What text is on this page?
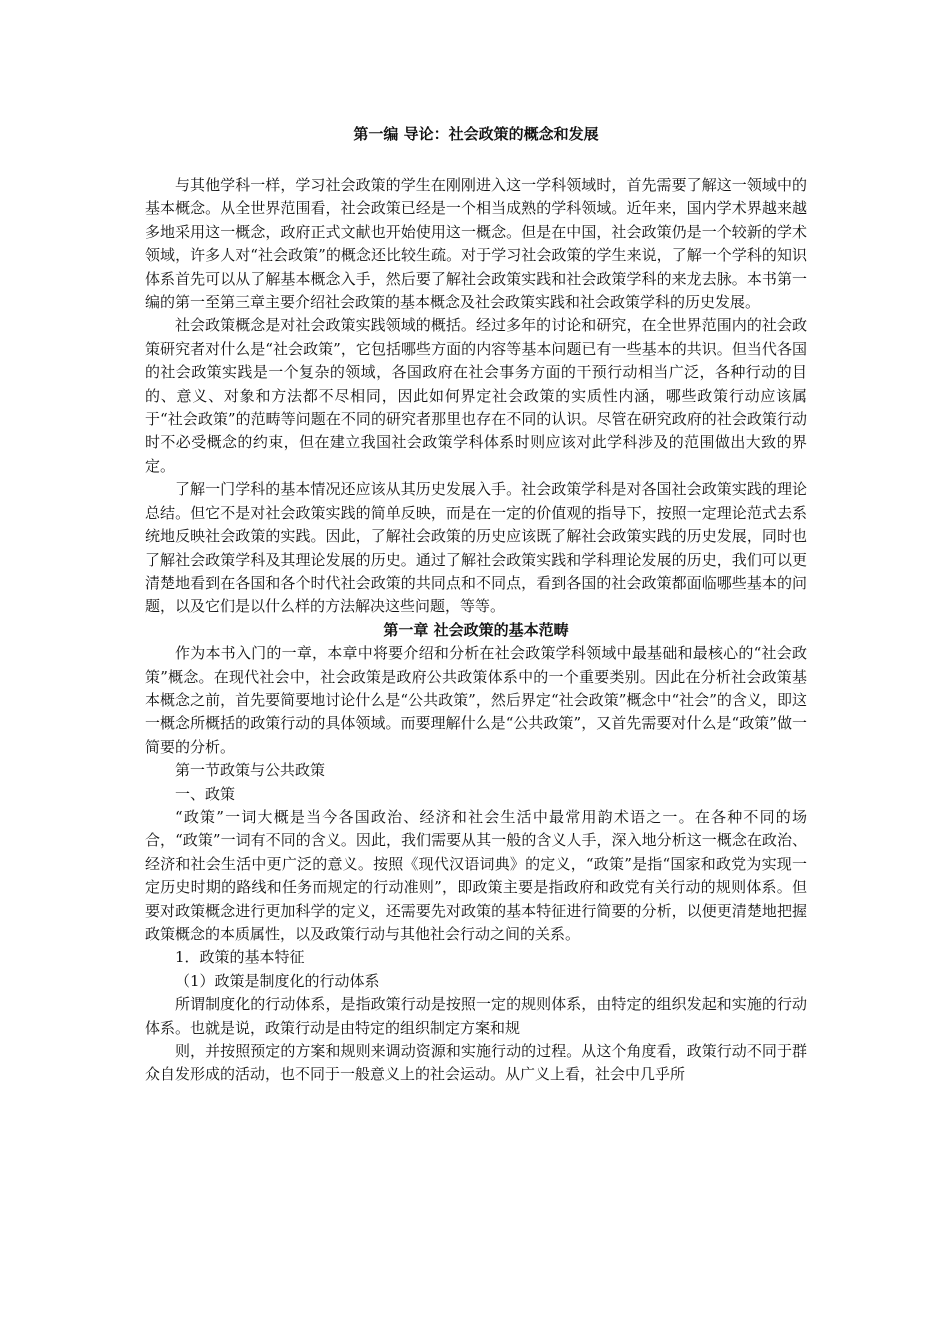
第一编 导论：社会政策的概念和发展

与其他学科一样，学习社会政策的学生在刚刚进入这一学科领域时，首先需要了解这一领域中的基本概念。从全世界范围看，社会政策已经是一个相当成熟的学科领域。近年来，国内学术界越来越多地采用这一概念，政府正式文献也开始使用这一概念。但是在中国，社会政策仍是一个较新的学术领域，许多人对“社会政策”的概念还比较生疏。对于学习社会政策的学生来说，了解一个学科的知识体系首先可以从了解基本概念入手，然后要了解社会政策实践和社会政策学科的来龙去脉。本书第一编的第一至第三章主要介绍社会政策的基本概念及社会政策实践和社会政策学科的历史发展。

社会政策概念是对社会政策实践领域的概括。经过多年的讨论和研究，在全世界范围内的社会政策研究者对什么是“社会政策”，它包括哪些方面的内容等基本问题已有一些基本的共识。但当代各国的社会政策实践是一个复杂的领域，各国政府在社会事务方面的干预行动相当广泛，各种行动的目的、意义、对象和方法都不尽相同，因此如何界定社会政策的实质性内涵，哪些政策行动应该属于“社会政策”的范畴等问题在不同的研究者那里也存在不同的认识。尽管在研究政府的社会政策行动时不必受概念的约束，但在建立我国社会政策学科体系时则应该对此学科涉及的范围做出大致的界定。

了解一门学科的基本情况还应该从其历史发展入手。社会政策学科是对各国社会政策实践的理论总结。但它不是对社会政策实践的简单反映，而是在一定的价值观的指导下，按照一定理论范式去系统地反映社会政策的实践。因此，了解社会政策的历史应该既了解社会政策实践的历史发展，同时也了解社会政策学科及其理论发展的历史。通过了解社会政策实践和学科理论发展的历史，我们可以更清楚地看到在各国和各个时代社会政策的共同点和不同点，看到各国的社会政策都面临哪些基本的问题，以及它们是以什么样的方法解决这些问题，等等。

第一章 社会政策的基本范畴

作为本书入门的一章，本章中将要介绍和分析在社会政策学科领域中最基础和最核心的“社会政策”概念。在现代社会中，社会政策是政府公共政策体系中的一个重要类别。因此在分析社会政策基本概念之前，首先要简要地讨论什么是“公共政策”，然后界定“社会政策”概念中“社会”的含义，即这一概念所概括的政策行动的具体领域。而要理解什么是“公共政策”，又首先需要对什么是“政策”做一简要的分析。

第一节政策与公共政策

一、政策

“政策”一词大概是当今各国政治、经济和社会生活中最常用韵术语之一。在各种不同的场合，“政策”一词有不同的含义。因此，我们需要从其一般的含义人手，深入地分析这一概念在政治、经济和社会生活中更广泛的意义。按照《现代汉语词典》的定义，“政策”是指“国家和政党为实现一定历史时期的路线和任务而规定的行动准则”，即政策主要是指政府和政党有关行动的规则体系。但要对政策概念进行更加科学的定义，还需要先对政策的基本特征进行简要的分析，以便更清楚地把握政策概念的本质属性，以及政策行动与其他社会行动之间的关系。

1．政策的基本特征

（1）政策是制度化的行动体系

所谓制度化的行动体系，是指政策行动是按照一定的规则体系，由特定的组织发起和实施的行动体系。也就是说，政策行动是由特定的组织制定方案和规

则，并按照预定的方案和规则来调动资源和实施行动的过程。从这个角度看，政策行动不同于群众自发形成的活动，也不同于一般意义上的社会运动。从广义上看，社会中几乎所
